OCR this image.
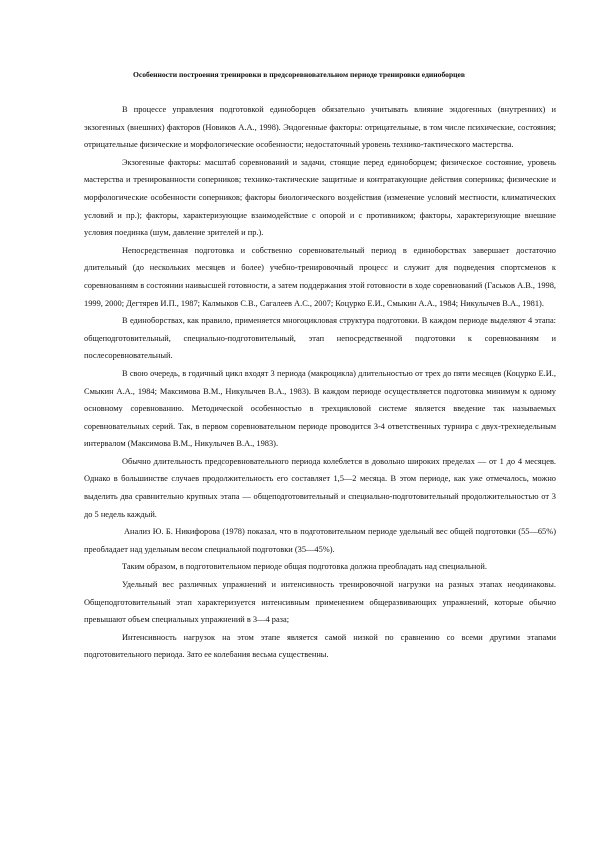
Особенности построения тренировки в предсоревновательном периоде тренировки единоборцев

В процессе управления подготовкой единоборцев обязательно учитывать влияние эндогенных (внутренних) и экзогенных (внешних) факторов (Новиков А.А., 1998). Эндогенные факторы: отрицательные, в том числе психические, состояния; отрицательные физические и морфологические особенности; недостаточный уровень технико-тактического мастерства.

Экзогенные факторы: масштаб соревнований и задачи, стоящие перед единоборцем; физическое состояние, уровень мастерства и тренированности соперников; технико-тактические защитные и контратакующие действия соперника; физические и морфологические особенности соперников; факторы биологического воздействия (изменение условий местности, климатических условий и пр.); факторы, характеризующие взаимодействие с опорой и с противником; факторы, характеризующие внешние условия поединка (шум, давление зрителей и пр.).

Непосредственная подготовка и собственно соревновательный период в единоборствах завершает достаточно длительный (до нескольких месяцев и более) учебно-тренировочный процесс и служит для подведения спортсменов к соревнованиям в состоянии наивысшей готовности, а затем поддержания этой готовности в ходе соревнований (Гаськов А.В., 1998, 1999, 2000; Дегтярев И.П., 1987; Калмыков С.В., Сагалеев А.С., 2007; Коцурко Е.И., Смыкин А.А., 1984; Никулычев В.А., 1981).

В единоборствах, как правило, применяется многоцикловая структура подготовки. В каждом периоде выделяют 4 этапа: общеподготовительный, специально-подготовительный, этап непосредственной подготовки к соревнованиям и послесоревновательный.

В свою очередь, в годичный цикл входят 3 периода (макроцикла) длительностью от трех до пяти месяцев (Коцурко Е.И., Смыкин А.А., 1984; Максимова В.М., Никулычев В.А., 1983). В каждом периоде осуществляется подготовка минимум к одному основному соревнованию. Методической особенностью в трехцикловой системе является введение так называемых соревновательных серий. Так, в первом соревновательном периоде проводится 3-4 ответственных турнира с двух-трехнедельным интервалом (Максимова В.М., Никулычев В.А., 1983).

Обычно длительность предсоревновательного периода колеблется в довольно широких пределах — от 1 до 4 месяцев. Однако в большинстве случаев продолжительность его составляет 1,5—2 месяца. В этом периоде, как уже отмечалось, можно выделить два сравнительно крупных этапа — общеподготовительный и специально-подготовительный продолжительностью от 3 до 5 недель каждый.

Анализ Ю. Б. Никифорова (1978) показал, что в подготовительном периоде удельный вес общей подготовки (55—65%) преобладает над удельным весом специальной подготовки (35—45%).

Таким образом, в подготовительном периоде общая подготовка должна преобладать над специальной.

Удельный вес различных упражнений и интенсивность тренировочной нагрузки на разных этапах неодинаковы. Общеподготовительный этап характеризуется интенсивным применением общеразвивающих упражнений, которые обычно превышают объем специальных упражнений в 3—4 раза;

Интенсивность нагрузок на этом этапе является самой низкой по сравнению со всеми другими этапами подготовительного периода. Зато ее колебания весьма существенны.
